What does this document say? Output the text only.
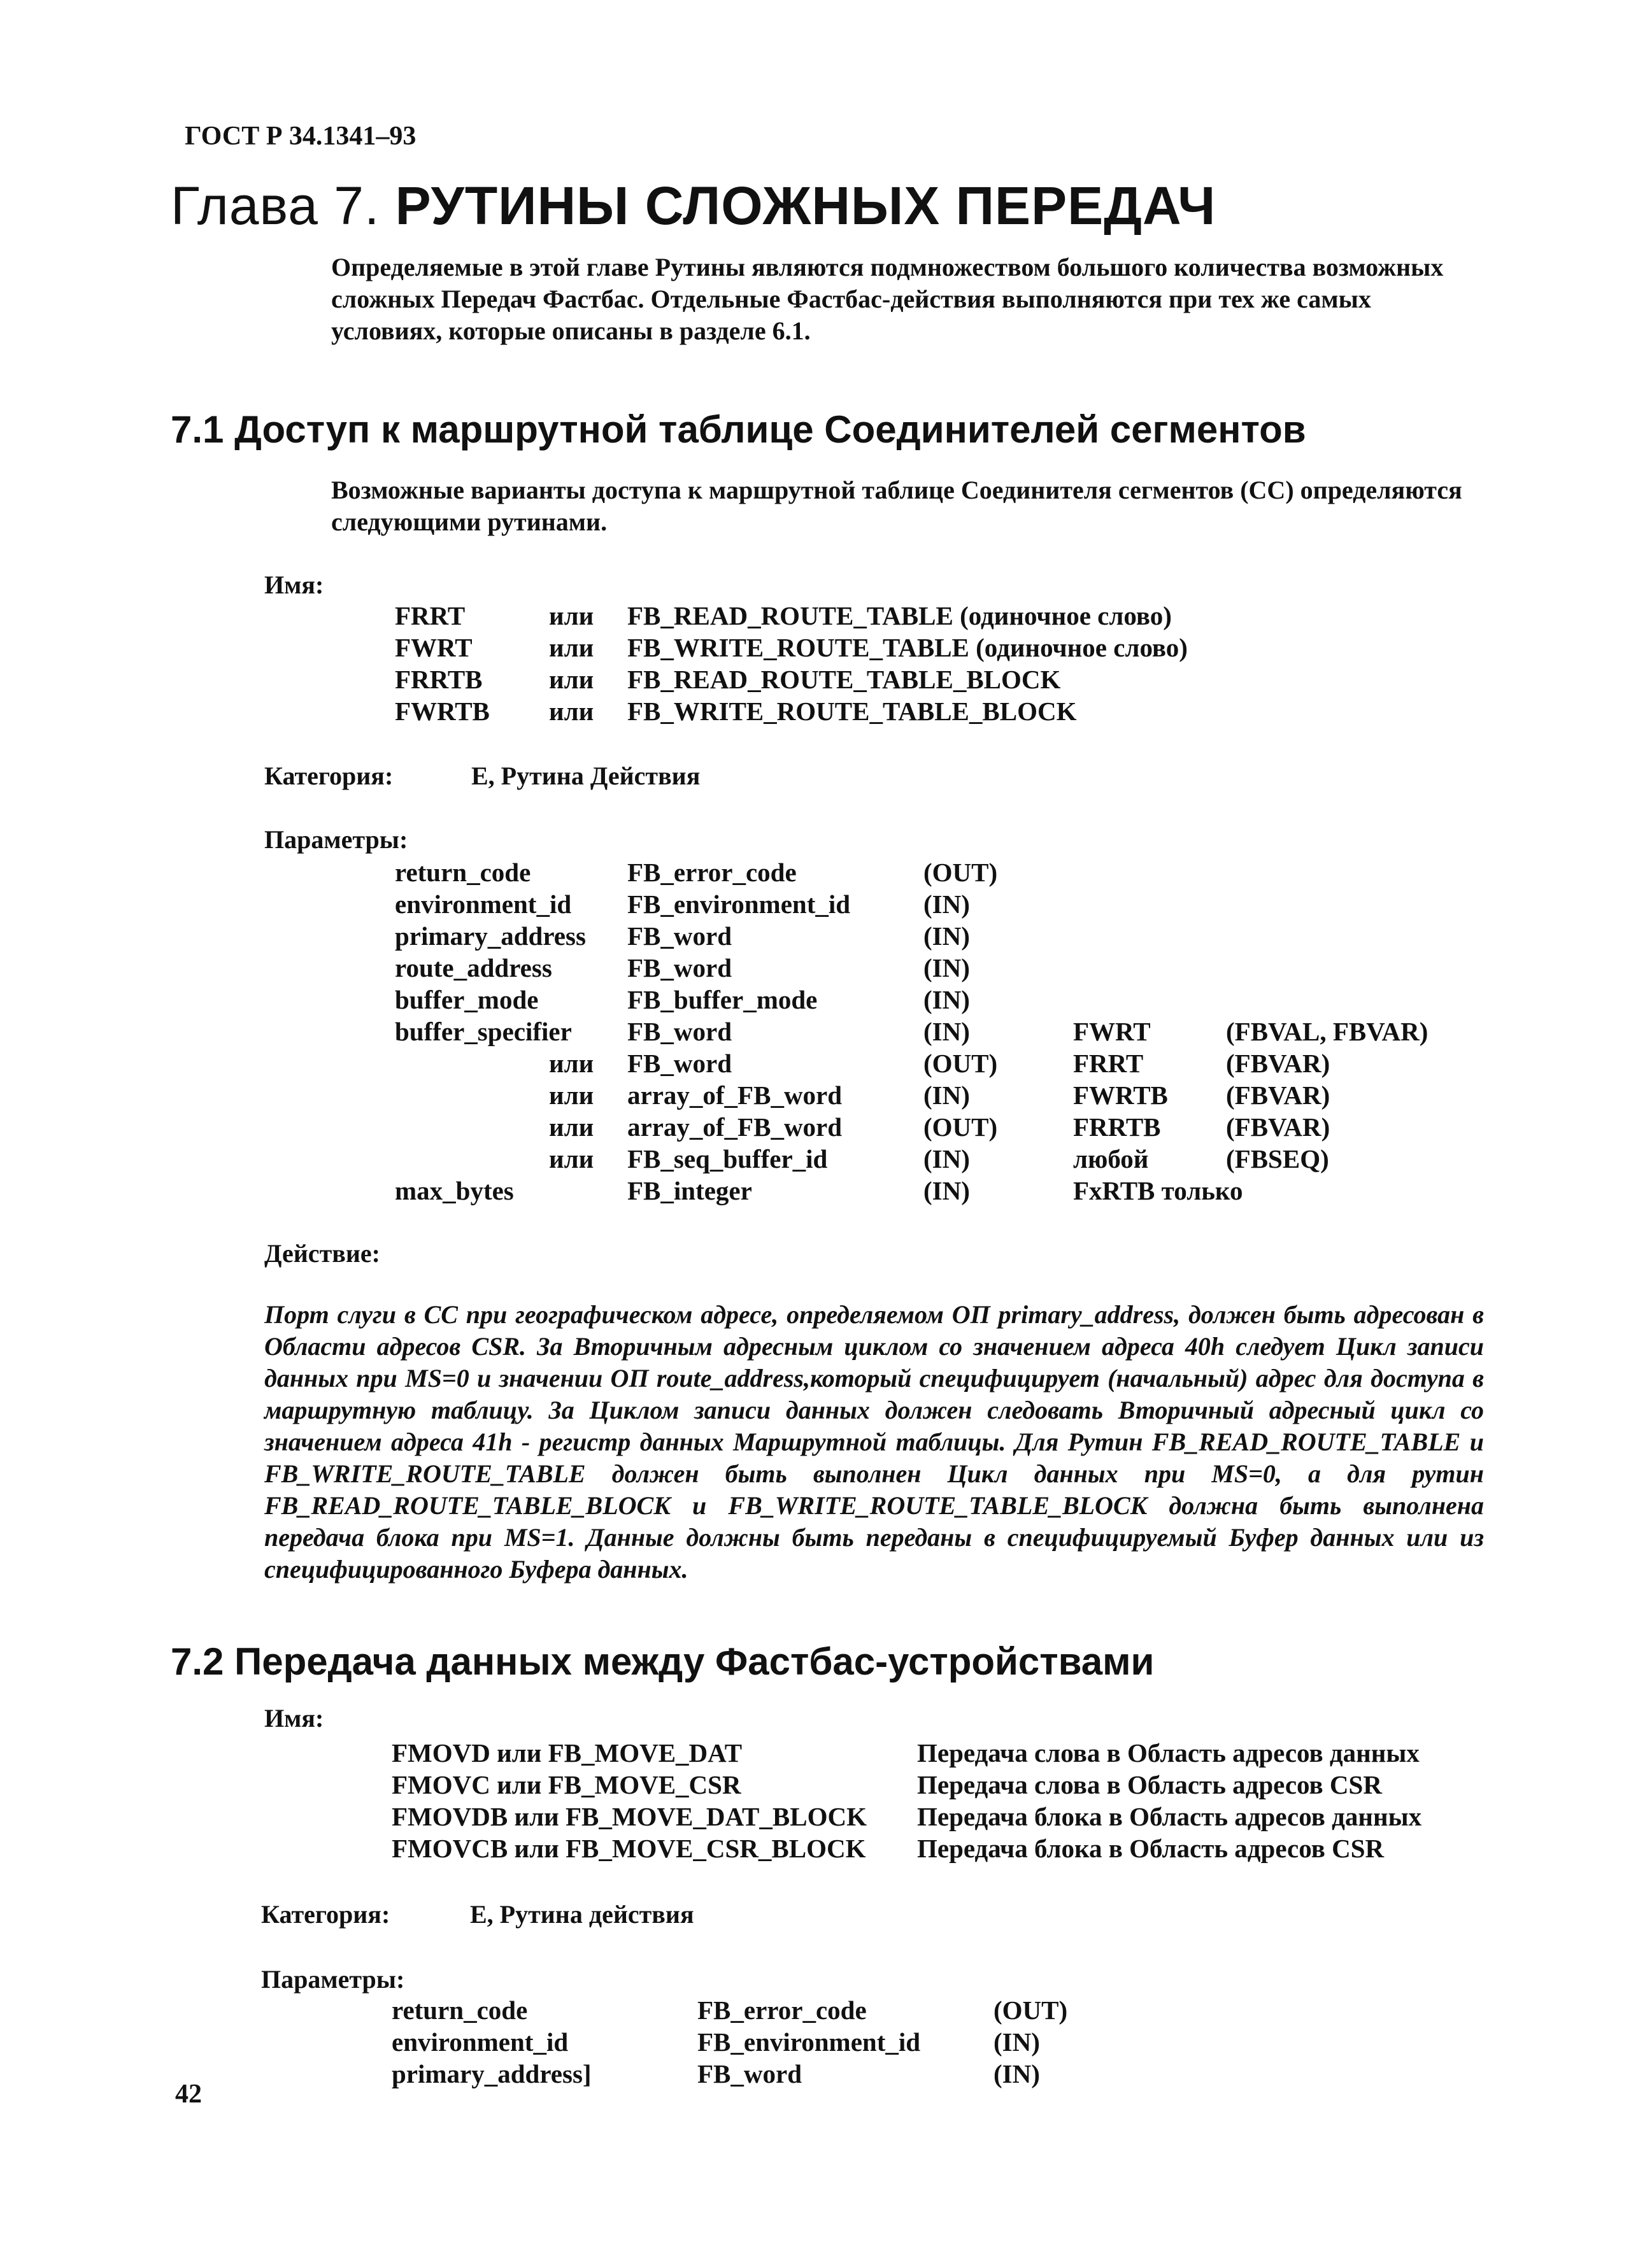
ГОСТ Р 34.1341–93
Глава 7. РУТИНЫ СЛОЖНЫХ ПЕРЕДАЧ
Определяемые в этой главе Рутины являются подмножеством большого количества возможных сложных Передач Фастбас. Отдельные Фастбас-действия выполняются при тех же самых условиях, которые описаны в разделе 6.1.
7.1 Доступ к маршрутной таблице Соединителей сегментов
Возможные варианты доступа к маршрутной таблице Соединителя сегментов (СС) определяются следующими рутинами.
Имя:
FRRT	или FB_READ_ROUTE_TABLE (одиночное слово)
FWRT	или FB_WRITE_ROUTE_TABLE (одиночное слово)
FRRTB	или FB_READ_ROUTE_TABLE_BLOCK
FWRTB или FB_WRITE_ROUTE_TABLE_BLOCK
Категория:	Е, Рутина Действия
Параметры:
return_code	FB_error_code	(OUT)
environment_id FB_environment_id	(IN)
primary_address FB_word	(IN)
route_address	FB_word	(IN)
buffer_mode	FB_buffer_mode	(IN)
buffer_specifier FB_word	(IN)	FWRT	(FBVAL, FBVAR)
или FB_word	(OUT)	FRRT	(FBVAR)
или array_of_FB_word	(IN)	FWRTB (FBVAR)
или array_of_FB_word	(OUT)	FRRTB (FBVAR)
или FB_seq_buffer_id	(IN)	любой	(FBSEQ)
max_bytes	FB_integer	(IN)	FxRTB только
Действие:
Порт слуги в СС при географическом адресе, определяемом ОП primary_address, должен быть адресован в Области адресов CSR. За Вторичным адресным циклом со значением адреса 40h следует Цикл записи данных при MS=0 и значении ОП route_address,который специфицирует (начальный) адрес для доступа в маршрутную таблицу. За Циклом записи данных должен следовать Вторичный адресный цикл со значением адреса 41h - регистр данных Маршрутной таблицы. Для Рутин FB_READ_ROUTE_TABLE и FB_WRITE_ROUTE_TABLE должен быть выполнен Цикл данных при MS=0, а для рутин FB_READ_ROUTE_TABLE_BLOCK и FB_WRITE_ROUTE_TABLE_BLOCK должна быть выполнена передача блока при MS=1. Данные должны быть переданы в специфицируемый Буфер данных или из специфицированного Буфера данных.
7.2 Передача данных между Фастбас-устройствами
Имя:
FMOVD или FB_MOVE_DAT	Передача слова в Область адресов данных
FMOVC или FB_MOVE_CSR	Передача слова в Область адресов CSR
FMOVDB или FB_MOVE_DAT_BLOCK Передача блока в Область адресов данных
FMOVCB или FB_MOVE_CSR_BLOCK Передача блока в Область адресов CSR
Категория:	Е, Рутина действия
Параметры:
return_code	FB_error_code	(OUT)
environment_id	FB_environment_id	(IN)
primary_address]	FB_word	(IN)
42
